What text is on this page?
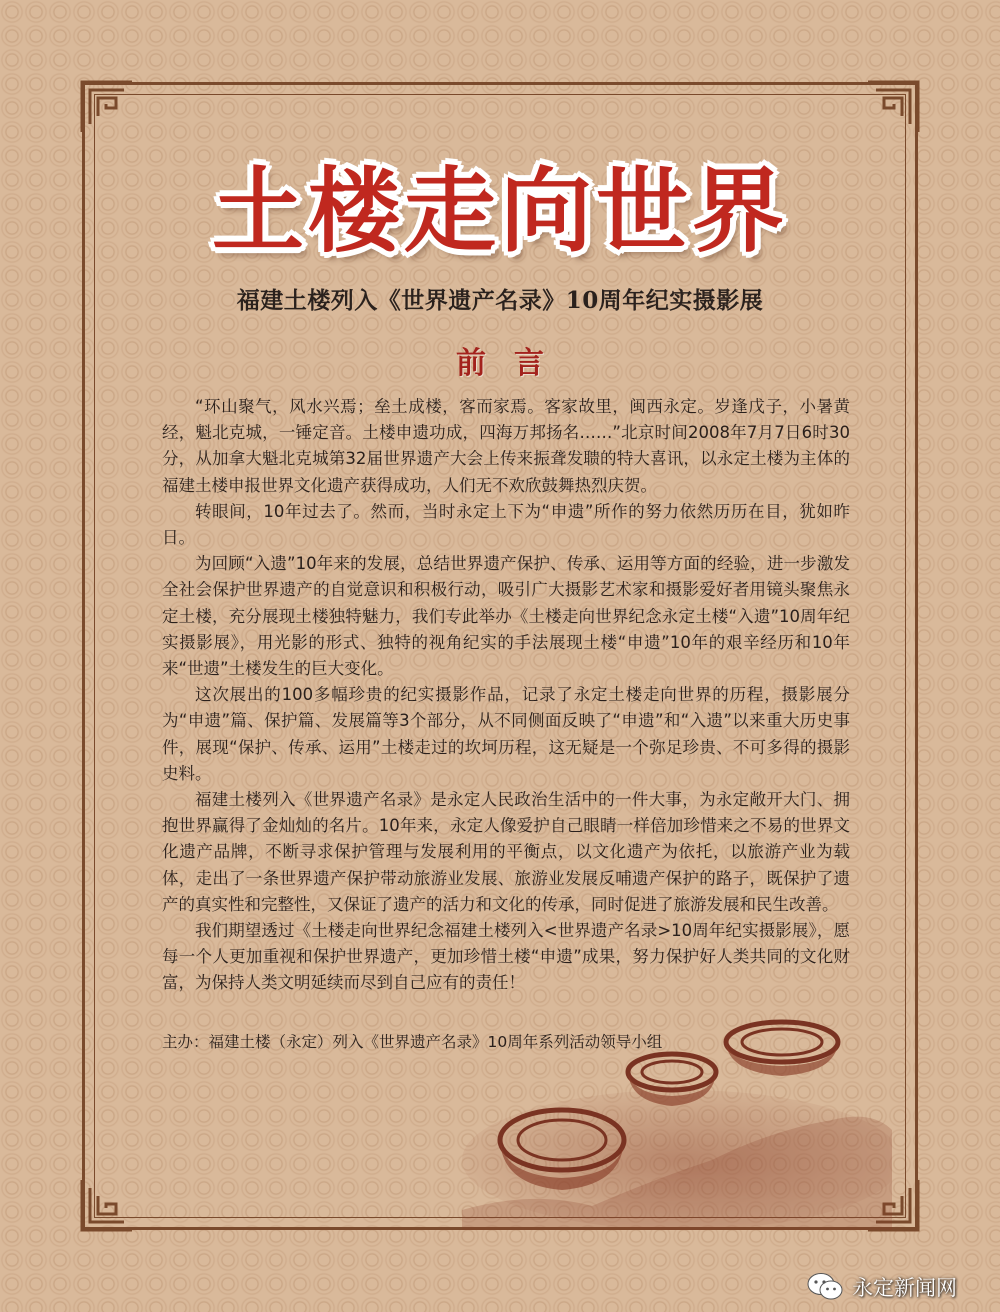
土楼走向世界
福建土楼列入《世界遗产名录》10周年纪实摄影展
前言

“环山聚气，风水兴焉；垒土成楼，客而家焉。客家故里，闽西永定。岁逢戊子，小暑黄经，魁北克城，一锤定音。土楼申遗功成，四海万邦扬名……”北京时间2008年7月7日6时30分，从加拿大魁北克城第32届世界遗产大会上传来振聋发聩的特大喜讯，以永定土楼为主体的福建土楼申报世界文化遗产获得成功，人们无不欢欣鼓舞热烈庆贺。

转眼间，10年过去了。然而，当时永定上下为“申遗”所作的努力依然历历在目，犹如昨日。

为回顾“入遗”10年来的发展，总结世界遗产保护、传承、运用等方面的经验，进一步激发全社会保护世界遗产的自觉意识和积极行动，吸引广大摄影艺术家和摄影爱好者用镜头聚焦永定土楼，充分展现土楼独特魅力，我们专此举办《土楼走向世界纪念永定土楼“入遗”10周年纪实摄影展》，用光影的形式、独特的视角纪实的手法展现土楼“申遗”10年的艰辛经历和10年来“世遗”土楼发生的巨大变化。

这次展出的100多幅珍贵的纪实摄影作品，记录了永定土楼走向世界的历程，摄影展分为“申遗”篇、保护篇、发展篇等3个部分，从不同侧面反映了“申遗”和“入遗”以来重大历史事件，展现“保护、传承、运用”土楼走过的坎坷历程，这无疑是一个弥足珍贵、不可多得的摄影史料。

福建土楼列入《世界遗产名录》是永定人民政治生活中的一件大事，为永定敞开大门、拥抱世界赢得了金灿灿的名片。10年来，永定人像爱护自己眼睛一样倍加珍惜来之不易的世界文化遗产品牌，不断寻求保护管理与发展利用的平衡点，以文化遗产为依托，以旅游产业为载体，走出了一条世界遗产保护带动旅游业发展、旅游业发展反哺遗产保护的路子，既保护了遗产的真实性和完整性，又保证了遗产的活力和文化的传承，同时促进了旅游发展和民生改善。

我们期望透过《土楼走向世界纪念福建土楼列入<世界遗产名录>10周年纪实摄影展》，愿每一个人更加重视和保护世界遗产，更加珍惜土楼“申遗”成果，努力保护好人类共同的文化财富，为保持人类文明延续而尽到自己应有的责任！

主办：福建土楼（永定）列入《世界遗产名录》10周年系列活动领导小组
永定新闻网
